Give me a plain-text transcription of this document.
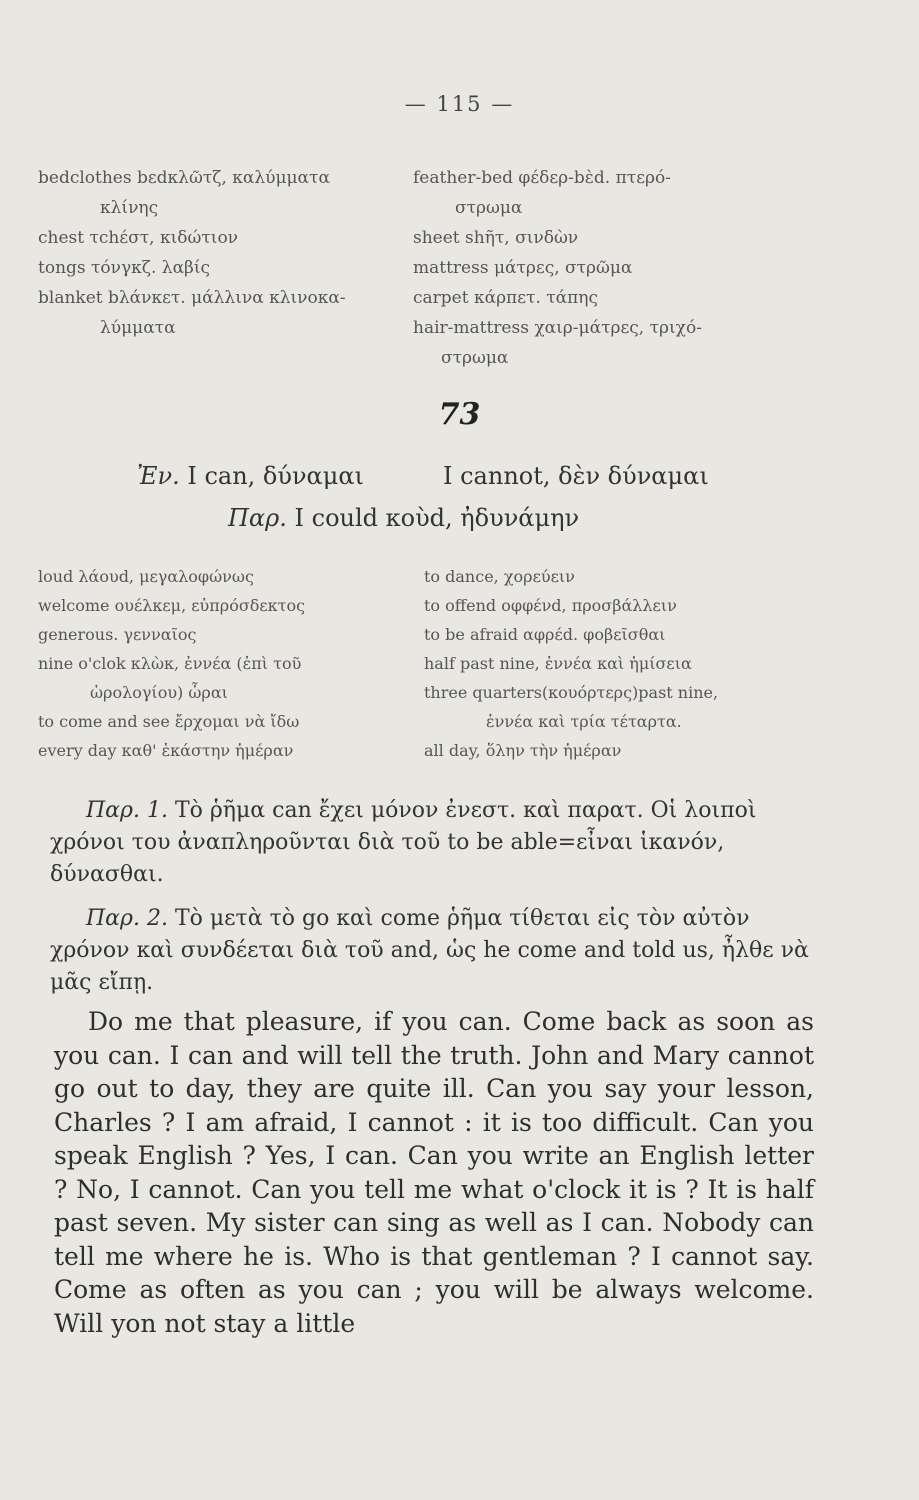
— 115 —
bedclothes bεdκλῶτζ, καλύμματα
κλίνης
chest τchέστ, κιδώτιον
tongs τόνγκζ. λαβίς
blanket bλάνκετ. μάλλινα κλινοκα-
λύμματα
feather-bed φέδερ-bὲd. πτερό-
στρωμα
sheet shῆτ, σινδὼν
mattress μάτρες, στρῶμα
carpet κάρπετ. τάπης
hair-mattress χαιρ-μάτρες, τριχό-
στρωμα
73
Ἐν. I can, δύναμαι	I cannot, δὲν δύναμαι
Παρ. I could κοὺd, ἠδυνάμην
loud λάουd, μεγαλοφώνως
welcome ουέλκεμ, εὐπρόσδεκτος
generous. γενναῖος
nine o'clok κλὼκ, ἐννέα (ἐπὶ τοῦ
ὡρολογίου) ὧραι
to come and see ἔρχομαι νὰ ἴδω
every day καθ' ἑκάστην ἡμέραν
to dance, χορεύειν
to offend οφφένd, προσβάλλειν
to be afraid αφρέd. φοβεῖσθαι
half past nine, ἐννέα καὶ ἡμίσεια
three quarters(κουόρτερς)past nine,
ἐννέα καὶ τρία τέταρτα.
all day, ὅλην τὴν ἡμέραν
Παρ. 1. Τὸ ῥῆμα can ἔχει μόνον ἐνεστ. καὶ παρατ. Οἱ λοιποὶ χρόνοι του ἀναπληροῦνται διὰ τοῦ to be able=εἶναι ἱκανόν, δύνασθαι.
Παρ. 2. Τὸ μετὰ τὸ go καὶ come ῥῆμα τίθεται εἰς τὸν αὐτὸν χρόνον καὶ συνδέεται διὰ τοῦ and, ὡς he come and told us, ἦλθε νὰ μᾶς εἴπῃ.
Do me that pleasure, if you can. Come back as soon as you can. I can and will tell the truth. John and Mary cannot go out to day, they are quite ill. Can you say your lesson, Charles ? I am afraid, I cannot : it is too difficult. Can you speak English ? Yes, I can. Can you write an English letter ? No, I cannot. Can you tell me what o'clock it is ? It is half past seven. My sister can sing as well as I can. Nobody can tell me where he is. Who is that gentleman ? I cannot say. Come as often as you can ; you will be always welcome. Will yon not stay a little
